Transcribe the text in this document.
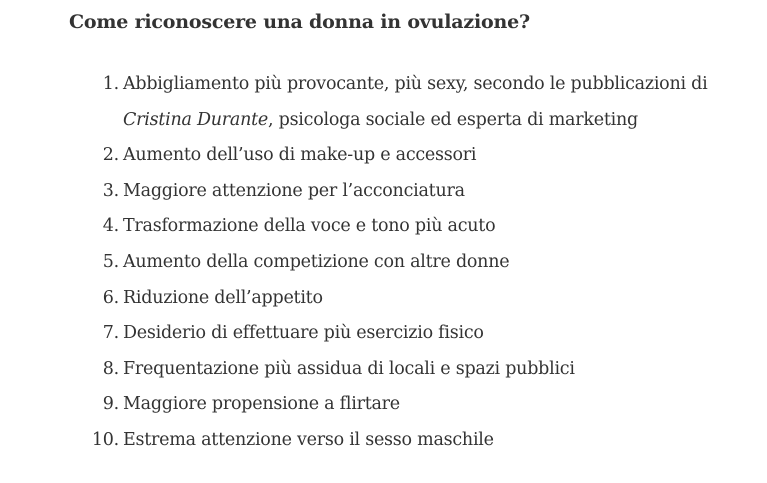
Come riconoscere una donna in ovulazione?
1. Abbigliamento più provocante, più sexy, secondo le pubblicazioni di
Cristina Durante, psicologa sociale ed esperta di marketing
2. Aumento dell’uso di make-up e accessori
3. Maggiore attenzione per l’acconciatura
4. Trasformazione della voce e tono più acuto
5. Aumento della competizione con altre donne
6. Riduzione dell’appetito
7. Desiderio di effettuare più esercizio fisico
8. Frequentazione più assidua di locali e spazi pubblici
9. Maggiore propensione a flirtare
10. Estrema attenzione verso il sesso maschile
